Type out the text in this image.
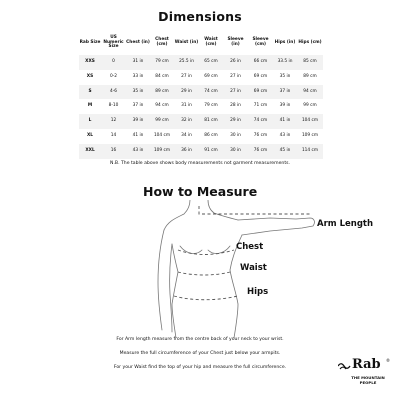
Dimensions
Rab Size	US Numeric Size	Chest (in)	Chest (cm)	Waist (in)	Waist (cm)	Sleeve (in)	Sleeve (cm)	Hips (in)	Hips (cm)
XXS	0	31 in	79 cm	25.5 in	65 cm	26 in	66 cm	33.5 in	85 cm
XS	0-2	33 in	84 cm	27 in	69 cm	27 in	69 cm	35 in	89 cm
S	4-6	35 in	89 cm	29 in	74 cm	27 in	69 cm	37 in	94 cm
M	8-10	37 in	94 cm	31 in	79 cm	28 in	71 cm	39 in	99 cm
L	12	39 in	99 cm	32 in	81 cm	29 in	74 cm	41 in	104 cm
XL	14	41 in	104 cm	34 in	86 cm	30 in	76 cm	43 in	109 cm
XXL	16	43 in	109 cm	36 in	91 cm	30 in	76 cm	45 in	114 cm
N.B. The table above shows body measurements not garment measurements.
How to Measure
Arm Length
Chest
Waist
Hips
For Arm length measure from the centre back of your neck to your wrist.
Measure the full circumference of your Chest just below your armpits.
For your Waist find the top of your hip and measure the full circumference.	Rab ®
THE MOUNTAIN
PEOPLE
